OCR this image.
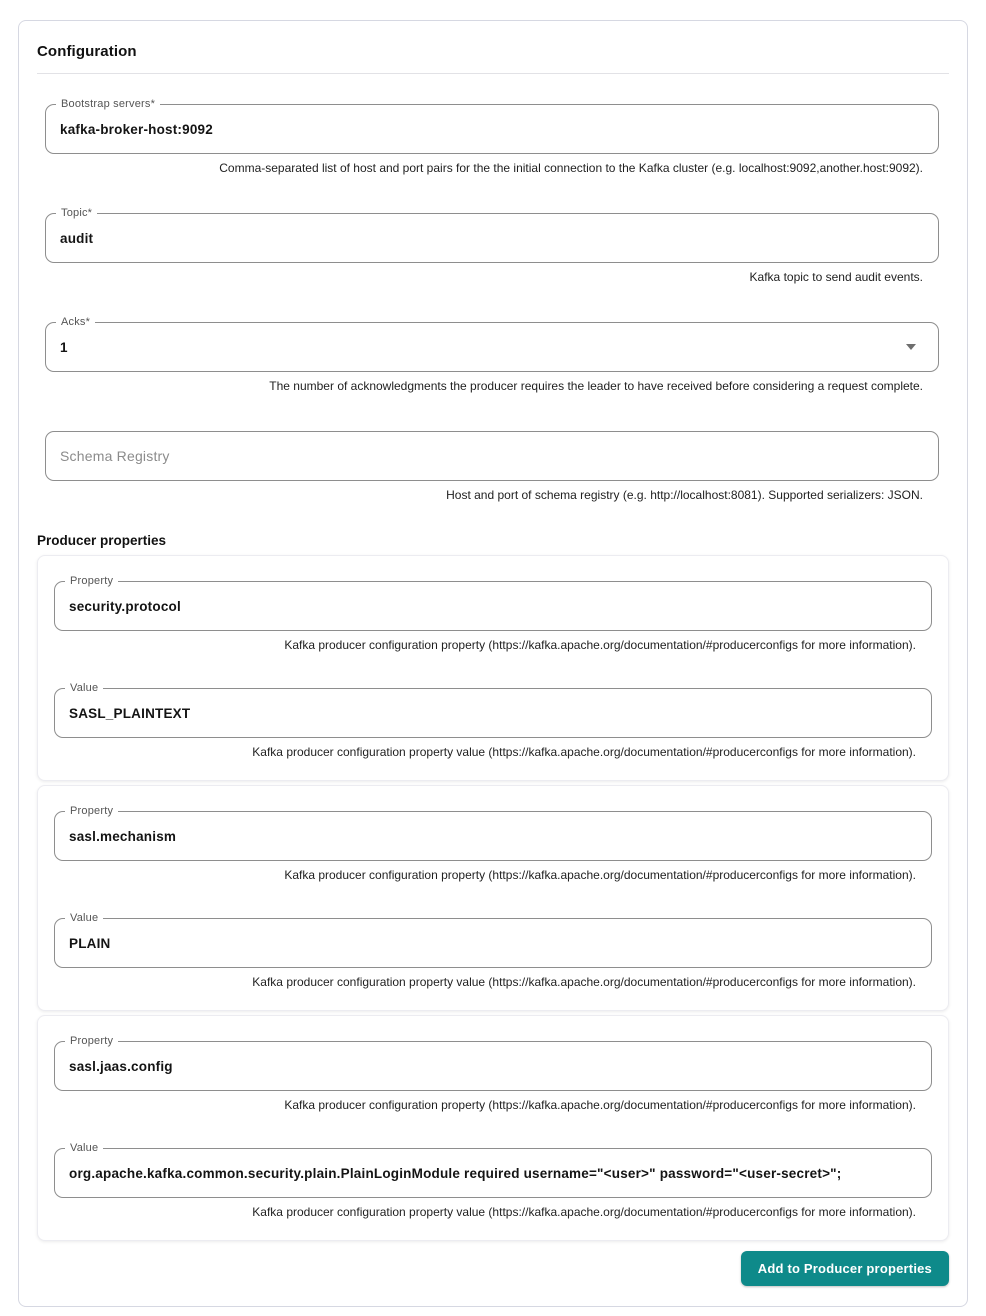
Configuration
Bootstrap servers*
kafka-broker-host:9092
Comma-separated list of host and port pairs for the the initial connection to the Kafka cluster (e.g. localhost:9092,another.host:9092).
Topic*
audit
Kafka topic to send audit events.
Acks*
1
The number of acknowledgments the producer requires the leader to have received before considering a request complete.
Schema Registry
Host and port of schema registry (e.g. http://localhost:8081). Supported serializers: JSON.
Producer properties
Property
security.protocol
Kafka producer configuration property (https://kafka.apache.org/documentation/#producerconfigs for more information).
Value
SASL_PLAINTEXT
Kafka producer configuration property value (https://kafka.apache.org/documentation/#producerconfigs for more information).
Property
sasl.mechanism
Kafka producer configuration property (https://kafka.apache.org/documentation/#producerconfigs for more information).
Value
PLAIN
Kafka producer configuration property value (https://kafka.apache.org/documentation/#producerconfigs for more information).
Property
sasl.jaas.config
Kafka producer configuration property (https://kafka.apache.org/documentation/#producerconfigs for more information).
Value
org.apache.kafka.common.security.plain.PlainLoginModule required username="<user>" password="<user-secret>";
Kafka producer configuration property value (https://kafka.apache.org/documentation/#producerconfigs for more information).
Add to Producer properties
